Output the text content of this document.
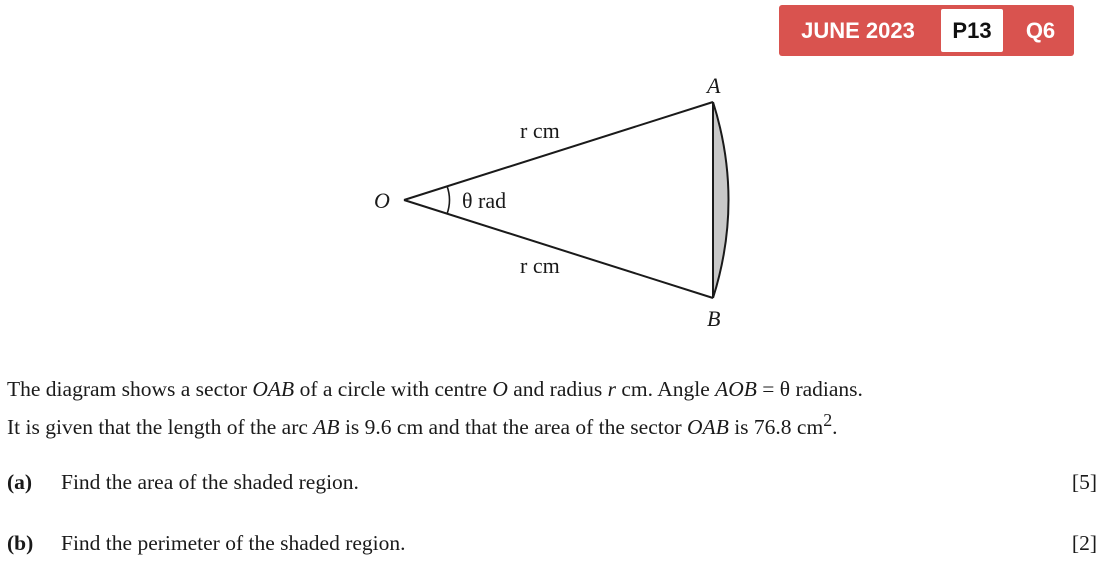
JUNE 2023	P13	Q6
O
A
B
r cm
r cm
θ rad

The diagram shows a sector OAB of a circle with centre O and radius r cm. Angle AOB = θ radians.

It is given that the length of the arc AB is 9.6 cm and that the area of the sector OAB is 76.8 $cm^2$.

(a)	Find the area of the shaded region.	[5]
(b)	Find the perimeter of the shaded region.	[2]
